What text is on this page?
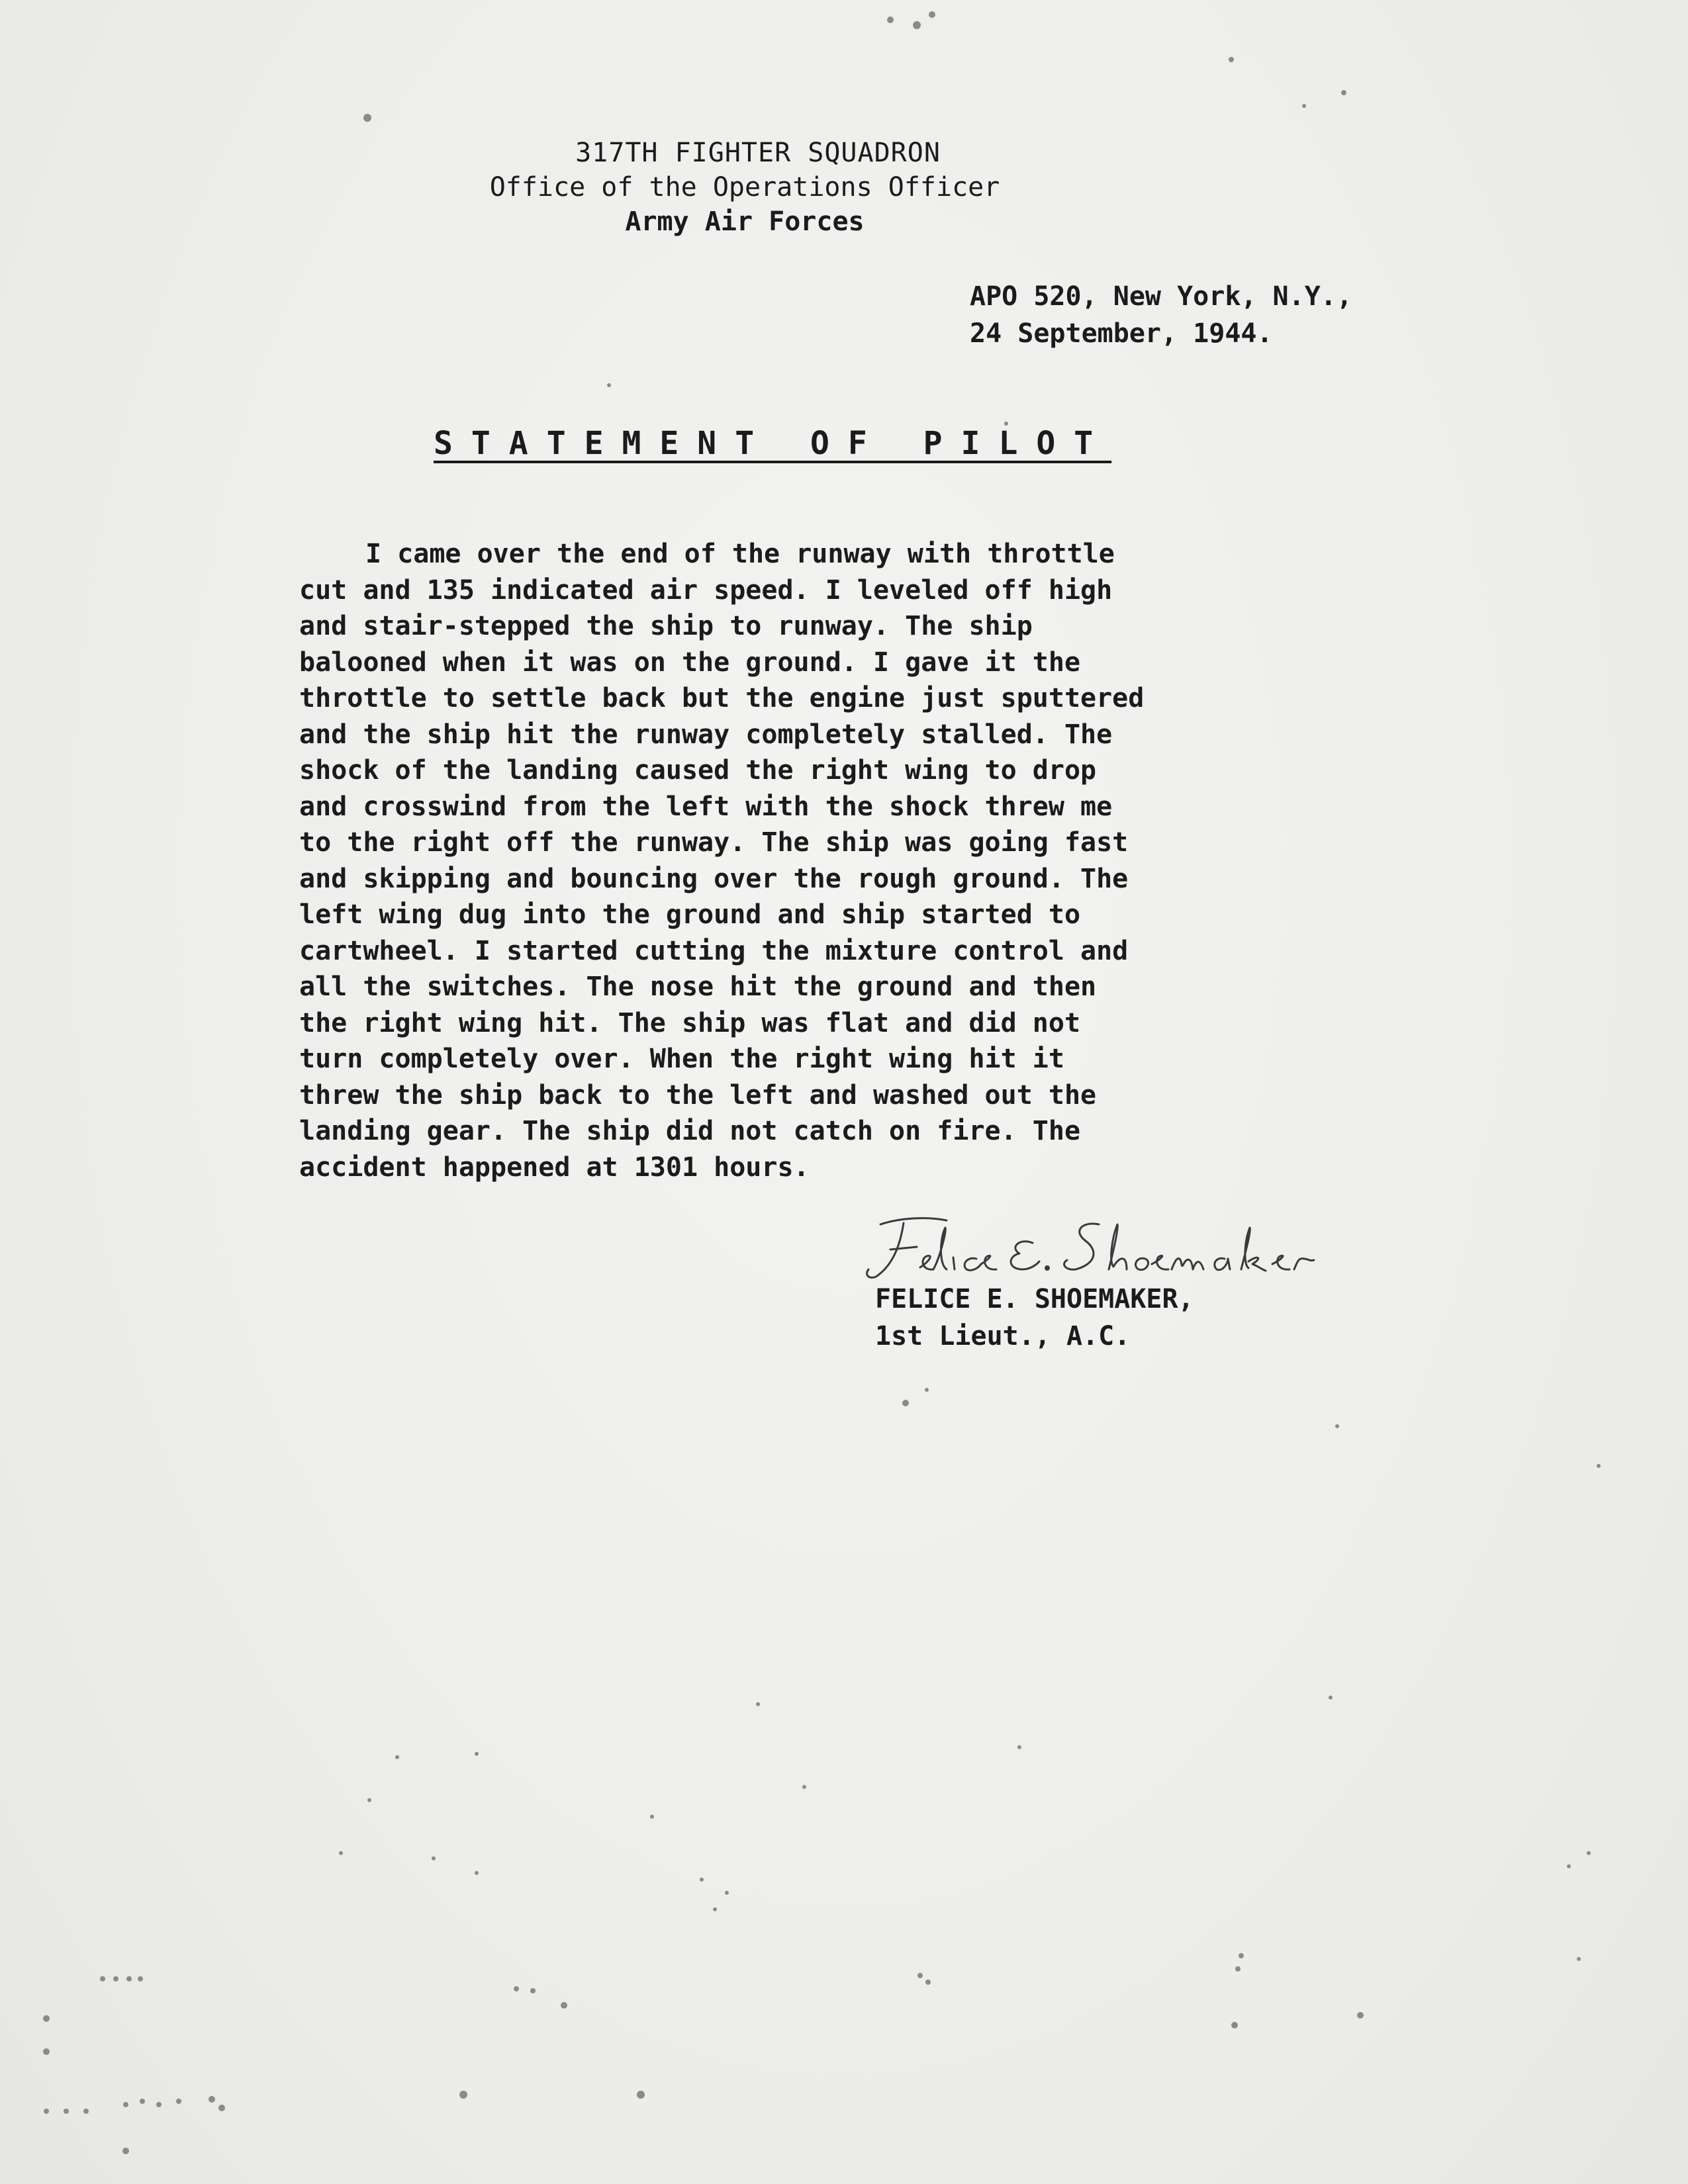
317TH FIGHTER SQUADRON
Office of the Operations Officer
Army Air Forces
APO 520, New York, N.Y.,
24 September, 1944.
STATEMENT OF PILOT
I came over the end of the runway with throttle
cut and 135 indicated air speed. I leveled off high
and stair-stepped the ship to runway. The ship
balooned when it was on the ground. I gave it the
throttle to settle back but the engine just sputtered
and the ship hit the runway completely stalled. The
shock of the landing caused the right wing to drop
and crosswind from the left with the shock threw me
to the right off the runway. The ship was going fast
and skipping and bouncing over the rough ground. The
left wing dug into the ground and ship started to
cartwheel. I started cutting the mixture control and
all the switches. The nose hit the ground and then
the right wing hit. The ship was flat and did not
turn completely over. When the right wing hit it
threw the ship back to the left and washed out the
landing gear. The ship did not catch on fire. The
accident happened at 1301 hours.
FELICE E. SHOEMAKER,
1st Lieut., A.C.
